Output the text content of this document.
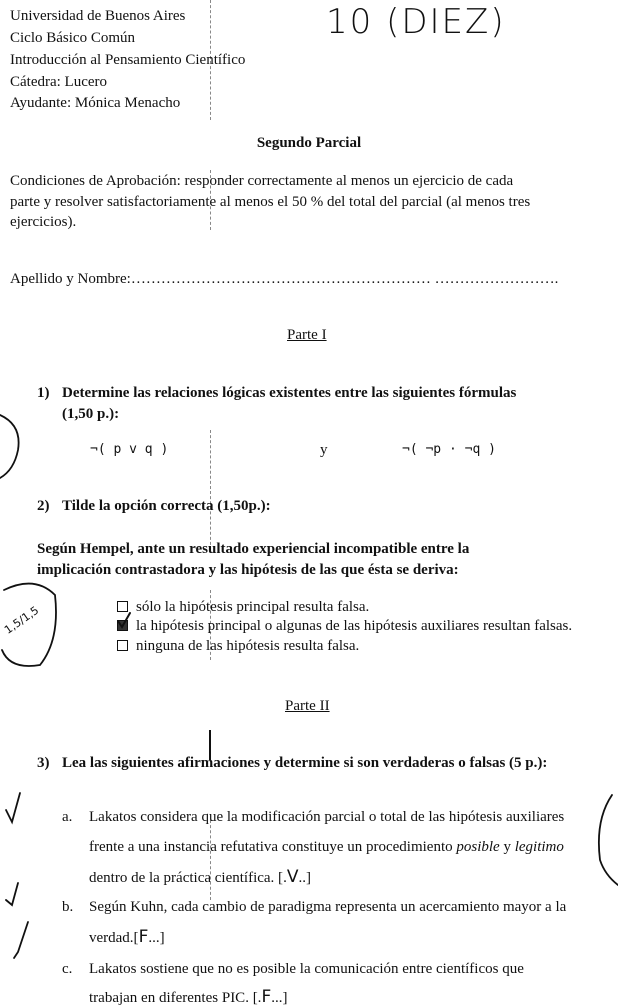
Universidad de Buenos Aires
Ciclo Básico Común
Introducción al Pensamiento Científico
Cátedra: Lucero
Ayudante: Mónica Menacho
10 (DIEZ)
Segundo Parcial
Condiciones de Aprobación: responder correctamente al menos un ejercicio de cada
parte y resolver satisfactoriamente al menos el 50 % del total del parcial (al menos tres
ejercicios).
Apellido y Nombre:…………………………………………………… …………………….
Parte I
1) Determine las relaciones lógicas existentes entre las siguientes fórmulas
(1,50 p.):
¬( p v q )	y	¬( ¬p · ¬q )
2) Tilde la opción correcta (1,50p.):
Según Hempel, ante un resultado experiencial incompatible entre la
implicación contrastadora y las hipótesis de las que ésta se deriva:
sólo la hipótesis principal resulta falsa.
la hipótesis principal o algunas de las hipótesis auxiliares resultan falsas.
ninguna de las hipótesis resulta falsa.
1,5/1,5
Parte II
3) Lea las siguientes afirmaciones y determine si son verdaderas o falsas (5 p.):
a. Lakatos considera que la modificación parcial o total de las hipótesis auxiliares
frente a una instancia refutativa constituye un procedimiento posible y legitimo
dentro de la práctica científica. [.V..]
b. Según Kuhn, cada cambio de paradigma representa un acercamiento mayor a la
verdad.[F...]
c. Lakatos sostiene que no es posible la comunicación entre científicos que
trabajan en diferentes PIC. [.F...]
